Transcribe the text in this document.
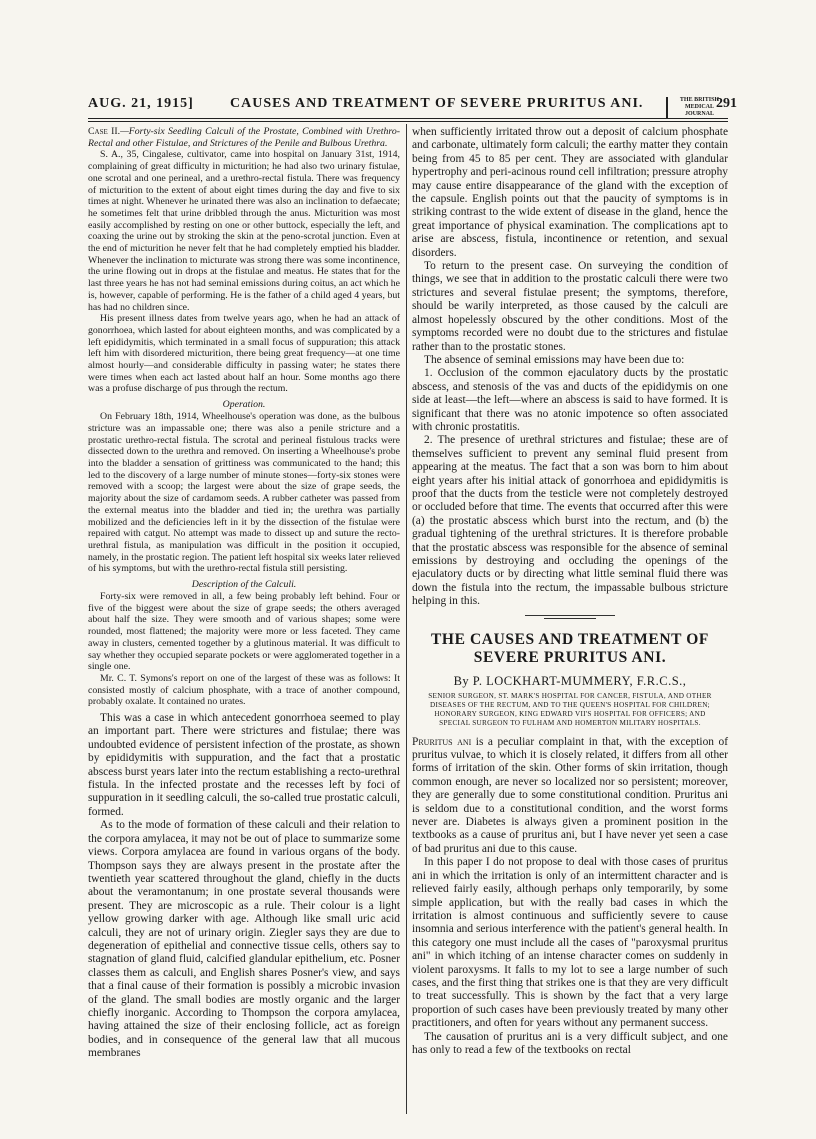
AUG. 21, 1915]	CAUSES AND TREATMENT OF SEVERE PRURITUS ANI.	THE BRITISH
MEDICAL JOURNAL
291
Case II.—Forty-six Seedling Calculi of the Prostate, Combined with Urethro-Rectal and other Fistulae, and Strictures of the Penile and Bulbous Urethra.

S. A., 35, Cingalese, cultivator, came into hospital on January 31st, 1914, complaining of great difficulty in micturition; he had also two urinary fistulae, one scrotal and one perineal, and a urethro-rectal fistula. There was frequency of micturition to the extent of about eight times during the day and five to six times at night. Whenever he urinated there was also an inclination to defaecate; he sometimes felt that urine dribbled through the anus. Micturition was most easily accomplished by resting on one or other buttock, especially the left, and coaxing the urine out by stroking the skin at the peno-scrotal junction. Even at the end of micturition he never felt that he had completely emptied his bladder. Whenever the inclination to micturate was strong there was some incontinence, the urine flowing out in drops at the fistulae and meatus. He states that for the last three years he has not had seminal emissions during coitus, an act which he is, however, capable of performing. He is the father of a child aged 4 years, but has had no children since.

His present illness dates from twelve years ago, when he had an attack of gonorrhoea, which lasted for about eighteen months, and was complicated by a left epididymitis, which terminated in a small focus of suppuration; this attack left him with disordered micturition, there being great frequency—at one time almost hourly—and considerable difficulty in passing water; he states there were times when each act lasted about half an hour. Some months ago there was a profuse discharge of pus through the rectum.

Operation.

On February 18th, 1914, Wheelhouse's operation was done, as the bulbous stricture was an impassable one; there was also a penile stricture and a prostatic urethro-rectal fistula. The scrotal and perineal fistulous tracks were dissected down to the urethra and removed. On inserting a Wheelhouse's probe into the bladder a sensation of grittiness was communicated to the hand; this led to the discovery of a large number of minute stones—forty-six stones were removed with a scoop; the largest were about the size of grape seeds, the majority about the size of cardamom seeds. A rubber catheter was passed from the external meatus into the bladder and tied in; the urethra was partially mobilized and the deficiencies left in it by the dissection of the fistulae were repaired with catgut. No attempt was made to dissect up and suture the recto-urethral fistula, as manipulation was difficult in the position it occupied, namely, in the prostatic region. The patient left hospital six weeks later relieved of his symptoms, but with the urethro-rectal fistula still persisting.

Description of the Calculi.

Forty-six were removed in all, a few being probably left behind. Four or five of the biggest were about the size of grape seeds; the others averaged about half the size. They were smooth and of various shapes; some were rounded, most flattened; the majority were more or less faceted. They came away in clusters, cemented together by a glutinous material. It was difficult to say whether they occupied separate pockets or were agglomerated together in a single one.

Mr. C. T. Symons's report on one of the largest of these was as follows: It consisted mostly of calcium phosphate, with a trace of another compound, probably oxalate. It contained no urates.

This was a case in which antecedent gonorrhoea seemed to play an important part. There were strictures and fistulae; there was undoubted evidence of persistent infection of the prostate, as shown by epididymitis with suppuration, and the fact that a prostatic abscess burst years later into the rectum establishing a recto-urethral fistula. In the infected prostate and the recesses left by foci of suppuration in it seedling calculi, the so-called true prostatic calculi, formed.

As to the mode of formation of these calculi and their relation to the corpora amylacea, it may not be out of place to summarize some views. Corpora amylacea are found in various organs of the body. Thompson says they are always present in the prostate after the twentieth year scattered throughout the gland, chiefly in the ducts about the veramontanum; in one prostate several thousands were present. They are microscopic as a rule. Their colour is a light yellow growing darker with age. Although like small uric acid calculi, they are not of urinary origin. Ziegler says they are due to degeneration of epithelial and connective tissue cells, others say to stagnation of gland fluid, calcified glandular epithelium, etc. Posner classes them as calculi, and English shares Posner's view, and says that a final cause of their formation is possibly a microbic invasion of the gland. The small bodies are mostly organic and the larger chiefly inorganic. According to Thompson the corpora amylacea, having attained the size of their enclosing follicle, act as foreign bodies, and in consequence of the general law that all mucous membranes

when sufficiently irritated throw out a deposit of calcium phosphate and carbonate, ultimately form calculi; the earthy matter they contain being from 45 to 85 per cent. They are associated with glandular hypertrophy and peri-acinous round cell infiltration; pressure atrophy may cause entire disappearance of the gland with the exception of the capsule. English points out that the paucity of symptoms is in striking contrast to the wide extent of disease in the gland, hence the great importance of physical examination. The complications apt to arise are abscess, fistula, incontinence or retention, and sexual disorders.

To return to the present case. On surveying the condition of things, we see that in addition to the prostatic calculi there were two strictures and several fistulae present; the symptoms, therefore, should be warily interpreted, as those caused by the calculi are almost hopelessly obscured by the other conditions. Most of the symptoms recorded were no doubt due to the strictures and fistulae rather than to the prostatic stones.

The absence of seminal emissions may have been due to:

1. Occlusion of the common ejaculatory ducts by the prostatic abscess, and stenosis of the vas and ducts of the epididymis on one side at least—the left—where an abscess is said to have formed. It is significant that there was no atonic impotence so often associated with chronic prostatitis.

2. The presence of urethral strictures and fistulae; these are of themselves sufficient to prevent any seminal fluid present from appearing at the meatus. The fact that a son was born to him about eight years after his initial attack of gonorrhoea and epididymitis is proof that the ducts from the testicle were not completely destroyed or occluded before that time. The events that occurred after this were (a) the prostatic abscess which burst into the rectum, and (b) the gradual tightening of the urethral strictures. It is therefore probable that the prostatic abscess was responsible for the absence of seminal emissions by destroying and occluding the openings of the ejaculatory ducts or by directing what little seminal fluid there was down the fistula into the rectum, the impassable bulbous stricture helping in this.

THE CAUSES AND TREATMENT OF SEVERE PRURITUS ANI.
By P. LOCKHART-MUMMERY, F.R.C.S.,
SENIOR SURGEON, ST. MARK'S HOSPITAL FOR CANCER, FISTULA, AND OTHER DISEASES OF THE RECTUM, AND TO THE QUEEN'S HOSPITAL FOR CHILDREN; HONORARY SURGEON, KING EDWARD VII'S HOSPITAL FOR OFFICERS; AND SPECIAL SURGEON TO FULHAM AND HOMERTON MILITARY HOSPITALS.

Pruritus ani is a peculiar complaint in that, with the exception of pruritus vulvae, to which it is closely related, it differs from all other forms of irritation of the skin. Other forms of skin irritation, though common enough, are never so localized nor so persistent; moreover, they are generally due to some constitutional condition. Pruritus ani is seldom due to a constitutional condition, and the worst forms never are. Diabetes is always given a prominent position in the textbooks as a cause of pruritus ani, but I have never yet seen a case of bad pruritus ani due to this cause.

In this paper I do not propose to deal with those cases of pruritus ani in which the irritation is only of an intermittent character and is relieved fairly easily, although perhaps only temporarily, by some simple application, but with the really bad cases in which the irritation is almost continuous and sufficiently severe to cause insomnia and serious interference with the patient's general health. In this category one must include all the cases of "paroxysmal pruritus ani" in which itching of an intense character comes on suddenly in violent paroxysms. It falls to my lot to see a large number of such cases, and the first thing that strikes one is that they are very difficult to treat successfully. This is shown by the fact that a very large proportion of such cases have been previously treated by many other practitioners, and often for years without any permanent success.

The causation of pruritus ani is a very difficult subject, and one has only to read a few of the textbooks on rectal
